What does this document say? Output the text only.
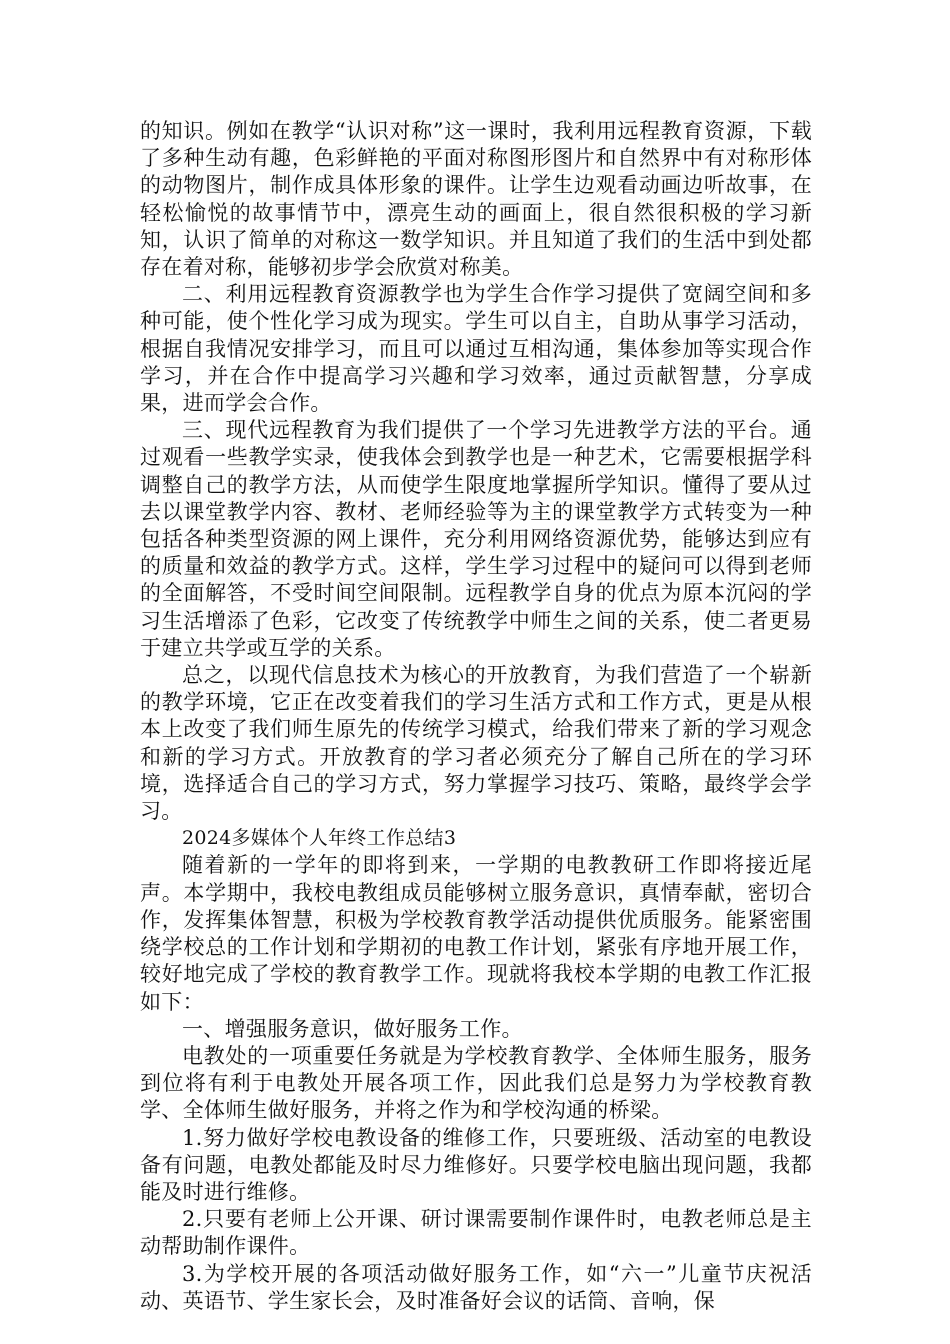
的知识。例如在教学“认识对称”这一课时，我利用远程教育资源，下载了多种生动有趣，色彩鲜艳的平面对称图形图片和自然界中有对称形体的动物图片，制作成具体形象的课件。让学生边观看动画边听故事，在轻松愉悦的故事情节中，漂亮生动的画面上，很自然很积极的学习新知，认识了简单的对称这一数学知识。并且知道了我们的生活中到处都存在着对称，能够初步学会欣赏对称美。

二、利用远程教育资源教学也为学生合作学习提供了宽阔空间和多种可能，使个性化学习成为现实。学生可以自主，自助从事学习活动，根据自我情况安排学习，而且可以通过互相沟通，集体参加等实现合作学习，并在合作中提高学习兴趣和学习效率，通过贡献智慧，分享成果，进而学会合作。

三、现代远程教育为我们提供了一个学习先进教学方法的平台。通过观看一些教学实录，使我体会到教学也是一种艺术，它需要根据学科调整自己的教学方法，从而使学生限度地掌握所学知识。懂得了要从过去以课堂教学内容、教材、老师经验等为主的课堂教学方式转变为一种包括各种类型资源的网上课件，充分利用网络资源优势，能够达到应有的质量和效益的教学方式。这样，学生学习过程中的疑问可以得到老师的全面解答，不受时间空间限制。远程教学自身的优点为原本沉闷的学习生活增添了色彩，它改变了传统教学中师生之间的关系，使二者更易于建立共学或互学的关系。

总之，以现代信息技术为核心的开放教育，为我们营造了一个崭新的教学环境，它正在改变着我们的学习生活方式和工作方式，更是从根本上改变了我们师生原先的传统学习模式，给我们带来了新的学习观念和新的学习方式。开放教育的学习者必须充分了解自己所在的学习环境，选择适合自己的学习方式，努力掌握学习技巧、策略，最终学会学习。

2024多媒体个人年终工作总结3

随着新的一学年的即将到来，一学期的电教教研工作即将接近尾声。本学期中，我校电教组成员能够树立服务意识，真情奉献，密切合作，发挥集体智慧，积极为学校教育教学活动提供优质服务。能紧密围绕学校总的工作计划和学期初的电教工作计划，紧张有序地开展工作，较好地完成了学校的教育教学工作。现就将我校本学期的电教工作汇报如下：

一、增强服务意识，做好服务工作。

电教处的一项重要任务就是为学校教育教学、全体师生服务，服务到位将有利于电教处开展各项工作，因此我们总是努力为学校教育教学、全体师生做好服务，并将之作为和学校沟通的桥梁。

1.努力做好学校电教设备的维修工作，只要班级、活动室的电教设备有问题，电教处都能及时尽力维修好。只要学校电脑出现问题，我都能及时进行维修。

2.只要有老师上公开课、研讨课需要制作课件时，电教老师总是主动帮助制作课件。

3.为学校开展的各项活动做好服务工作，如“六一”儿童节庆祝活动、英语节、学生家长会，及时准备好会议的话筒、音响，保
